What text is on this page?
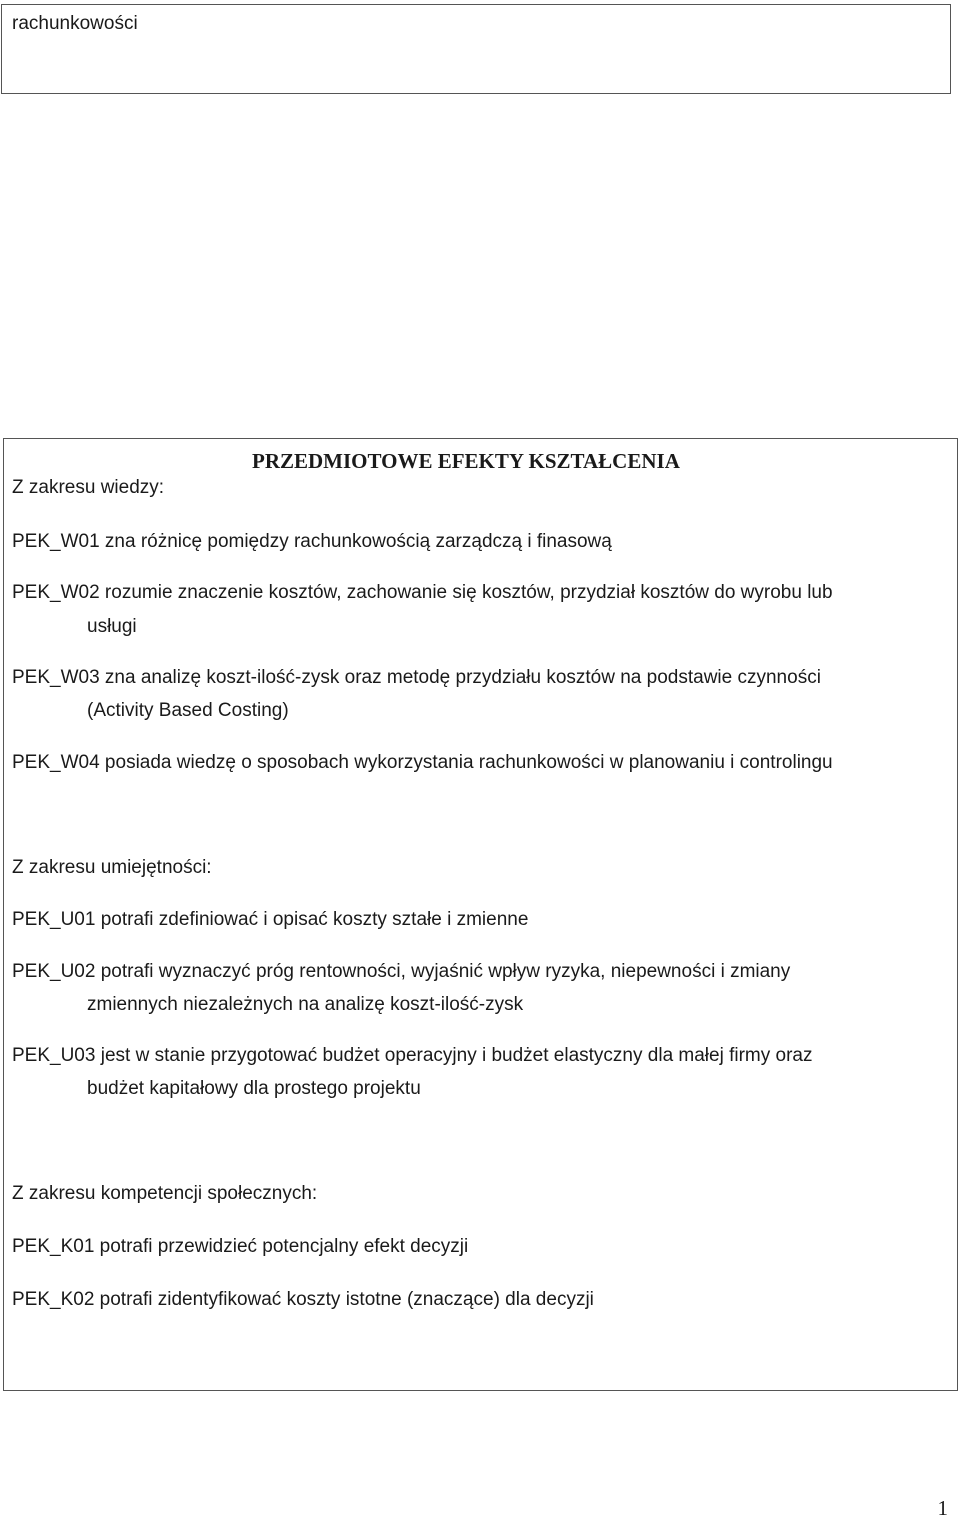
rachunkowości
PRZEDMIOTOWE EFEKTY KSZTAŁCENIA
Z zakresu wiedzy:
PEK_W01 zna różnicę pomiędzy rachunkowością zarządczą i finasową
PEK_W02 rozumie znaczenie kosztów, zachowanie się kosztów, przydział kosztów do wyrobu lub
usługi
PEK_W03 zna analizę koszt-ilość-zysk oraz metodę przydziału kosztów na podstawie czynności
(Activity Based Costing)
PEK_W04 posiada wiedzę o sposobach wykorzystania rachunkowości w planowaniu i controlingu
Z zakresu umiejętności:
PEK_U01 potrafi zdefiniować i opisać koszty ształe i zmienne
PEK_U02 potrafi wyznaczyć próg rentowności, wyjaśnić wpływ ryzyka, niepewności i zmiany
zmiennych niezależnych na analizę koszt-ilość-zysk
PEK_U03 jest w stanie przygotować budżet operacyjny i budżet elastyczny dla małej firmy oraz
budżet kapitałowy dla prostego projektu
Z zakresu kompetencji społecznych:
PEK_K01 potrafi przewidzieć potencjalny efekt decyzji
PEK_K02 potrafi zidentyfikować koszty istotne (znaczące) dla decyzji
1
